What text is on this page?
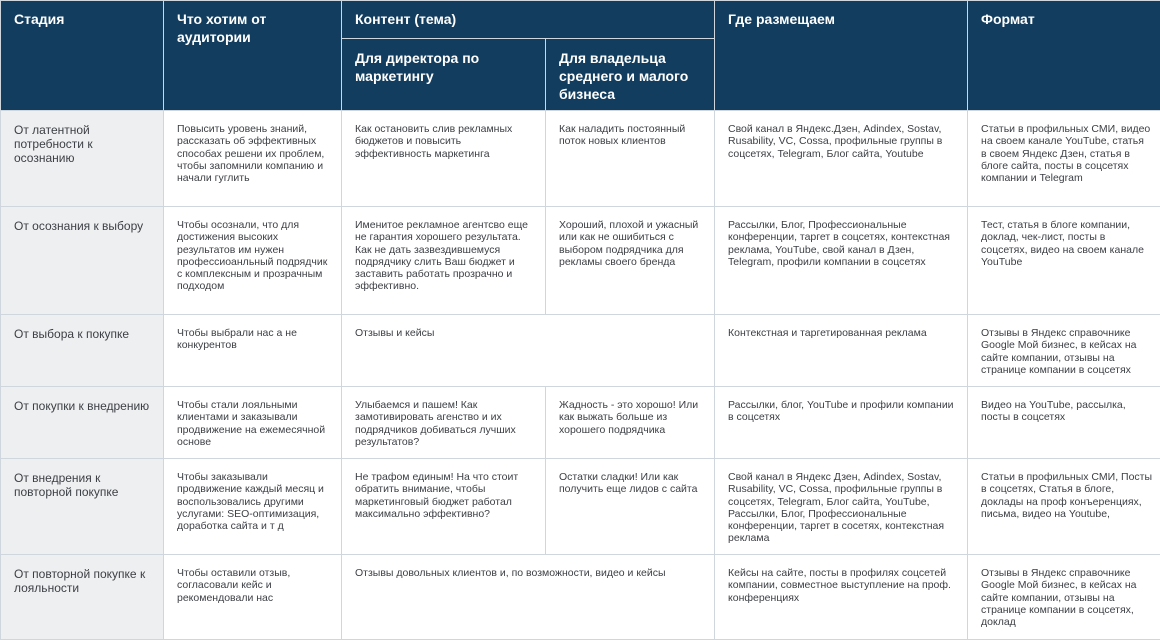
Стадия	Что хотим от аудитории	Контент (тема)		Где размещаем	Формат
		Для директора по маркетингу	Для владельца среднего и малого бизнеса		
От латентной потребности к осознанию	Повысить уровень знаний, рассказать об эффективных способах решени их проблем, чтобы запомнили компанию и начали гуглить	Как остановить слив рекламных бюджетов и повысить эффективность маркетинга	Как наладить постоянный поток новых клиентов	Свой канал в Яндекс.Дзен, Adindex, Sostav, Rusability, VC, Cossa, профильные группы в соцсетях, Telegram, Блог сайта, Youtube	Статьи в профильных СМИ, видео на своем канале YouTube, статья в своем Яндекс Дзен, статья в блоге сайта, посты в соцсетях компании и Telegram
От осознания к выбору	Чтобы осознали, что для достижения высоких результатов им нужен профессиоанльный подрядчик с комплексным и прозрачным подходом	Именитое рекламное агентсво еще не гарантия хорошего результата. Как не дать зазвездившемуся подрядчику слить Ваш бюджет и заставить работать прозрачно и эффективно.	Хороший, плохой и ужасный или как не ошибиться с выбором подрядчика для рекламы своего бренда	Рассылки, Блог, Профессиональные конференции, таргет в соцсетях, контекстная реклама, YouTube, свой канал в Дзен, Telegram, профили компании в соцсетях	Тест, статья в блоге компании, доклад, чек-лист, посты в соцсетях, видео на своем канале YouTube
От выбора к покупке	Чтобы выбрали нас а не конкурентов	Отзывы и кейсы		Контекстная и таргетированная реклама	Отзывы в Яндекс справочнике Google Мой бизнес, в кейсах на сайте компании, отзывы на странице компании в соцсетях
От покупки к внедрению	Чтобы стали лояльными клиентами и заказывали продвижение на ежемесячной основе	Улыбаемся и пашем! Как замотивировать агенство и их подрядчиков добиваться лучших результатов?	Жадность - это хорошо! Или как выжать больше из хорошего подрядчика	Рассылки, блог, YouTube и профили компании в соцсетях	Видео на YouTube, рассылка, посты в соцсетях
От внедрения к повторной покупке	Чтобы заказывали продвижение каждый месяц и воспользовались другими услугами: SEO-оптимизация, доработка сайта и т д	Не трафом единым! На что стоит обратить внимание, чтобы маркетинговый бюджет работал максимально эффективно?	Остатки сладки! Или как получить еще лидов с сайта	Свой канал в Яндекс Дзен, Adindex, Sostav, Rusability, VC, Cossa, профильные группы в соцсетях, Telegram, Блог сайта, YouTube, Рассылки, Блог, Профессиональные конференции, таргет в сосетях, контекстная реклама	Статьи в профильных СМИ, Посты в соцсетях, Статья в блоге, доклады на проф конъеренциях, письма, видео на Youtube,
От повторной покупке к лояльности	Чтобы оставили отзыв, согласовали кейс и рекомендовали нас	Отзывы довольных клиентов и, по возможности, видео и кейсы		Кейсы на сайте, посты в профилях соцсетей компании, совместное выступление на проф. конференциях	Отзывы в Яндекс справочнике Google Мой бизнес, в кейсах на сайте компании, отзывы на странице компании в соцсетях, доклад
